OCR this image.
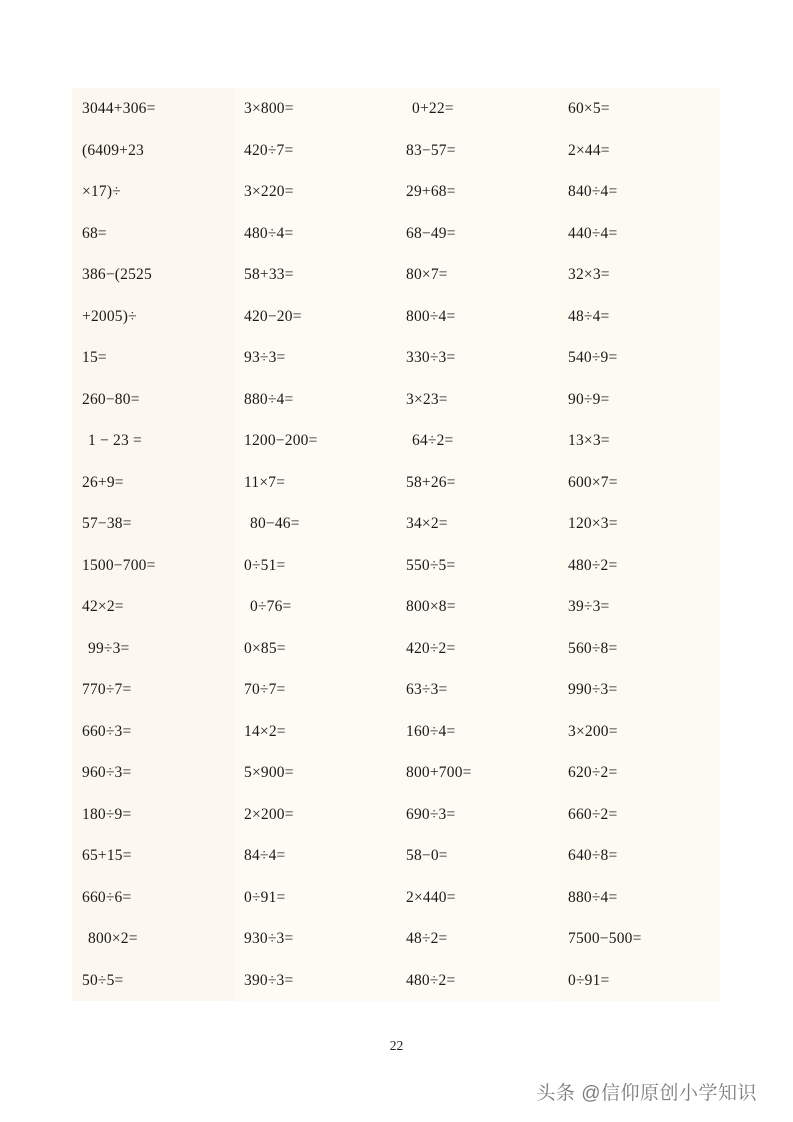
3044+306=
(6409+23
×17)÷
68=
386−(2525
+2005)÷
15=
260−80=
1 − 23 =
26+9=
57−38=
1500−700=
42×2=
99÷3=
770÷7=
660÷3=
960÷3=
180÷9=
65+15=
660÷6=
800×2=
50÷5=
3×800=
420÷7=
3×220=
480÷4=
58+33=
420−20=
93÷3=
880÷4=
1200−200=
11×7=
80−46=
0÷51=
0÷76=
0×85=
70÷7=
14×2=
5×900=
2×200=
84÷4=
0÷91=
930÷3=
390÷3=
0+22=
83−57=
29+68=
68−49=
80×7=
800÷4=
330÷3=
3×23=
64÷2=
58+26=
34×2=
550÷5=
800×8=
420÷2=
63÷3=
160÷4=
800+700=
690÷3=
58−0=
2×440=
48÷2=
480÷2=
60×5=
2×44=
840÷4=
440÷4=
32×3=
48÷4=
540÷9=
90÷9=
13×3=
600×7=
120×3=
480÷2=
39÷3=
560÷8=
990÷3=
3×200=
620÷2=
660÷2=
640÷8=
880÷4=
7500−500=
0÷91=
22
头条 @信仰原创小学知识
